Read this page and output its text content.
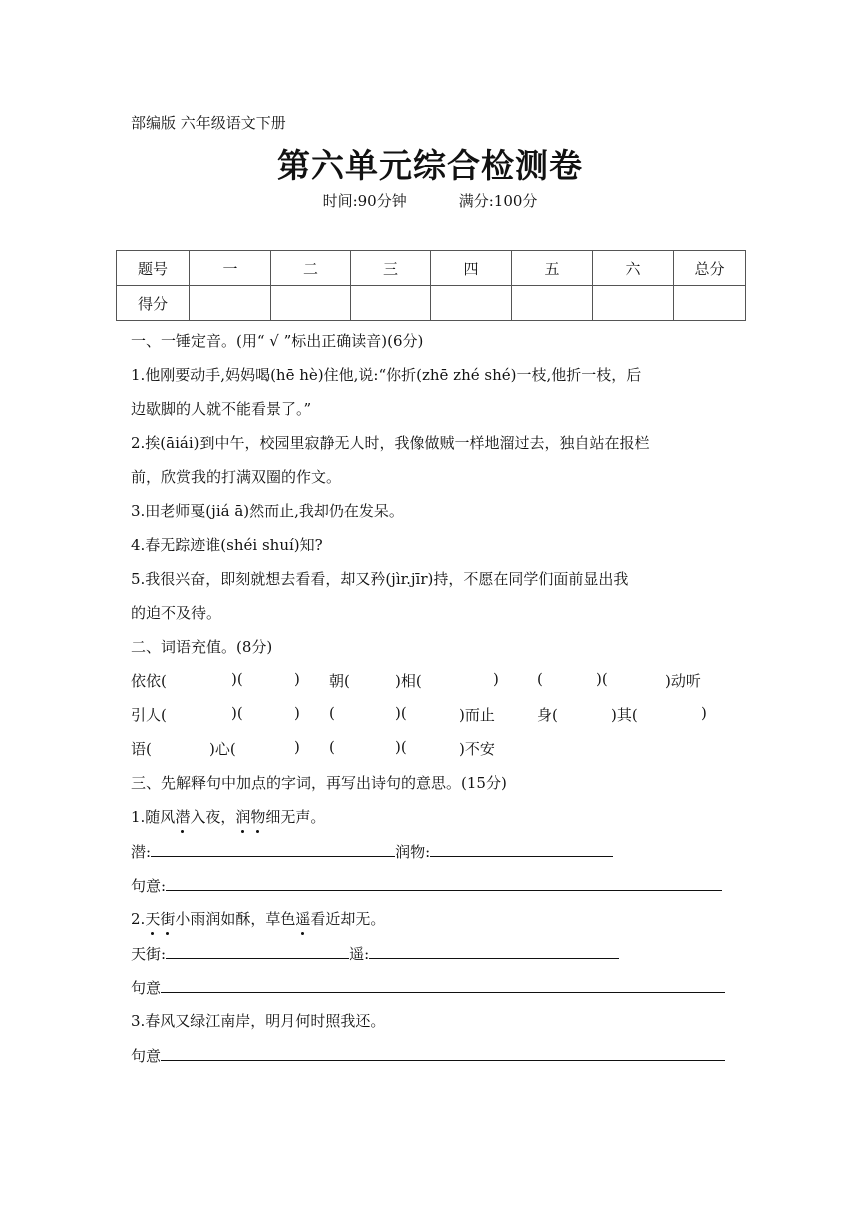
部编版 六年级语文下册
第六单元综合检测卷
时间:90分钟	满分:100分
题号	一	二	三	四	五	六	总分
得分							
一、一锤定音。(用“ √ ”标出正确读音)(6分)
1.他刚要动手,妈妈喝(hē hè)住他,说:“你折(zhē zhé shé)一枝,他折一枝，后
边歇脚的人就不能看景了。”
2.挨(āiái)到中午，校园里寂静无人时，我像做贼一样地溜过去，独自站在报栏
前，欣赏我的打满双圈的作文。
3.田老师戛(jiá ā)然而止,我却仍在发呆。
4.春无踪迹谁(shéi shuí)知?
5.我很兴奋，即刻就想去看看，却又矜(jìr.jīr)持，不愿在同学们面前显出我
的迫不及待。
二、词语充值。(8分)
依依(	)(	) 朝(	)相(	)	(	)(	)动听
引人(	)(	) (	)(	)而止	身(	)其(	)
语(	)心(	) (	)(	)不安
三、先解释句中加点的字词，再写出诗句的意思。(15分)
1.随风潜入夜，润物细无声。
潜:	润物:
句意:
2.天街小雨润如酥，草色遥看近却无。
天街:	遥:
句意
3.春风又绿江南岸，明月何时照我还。
句意
